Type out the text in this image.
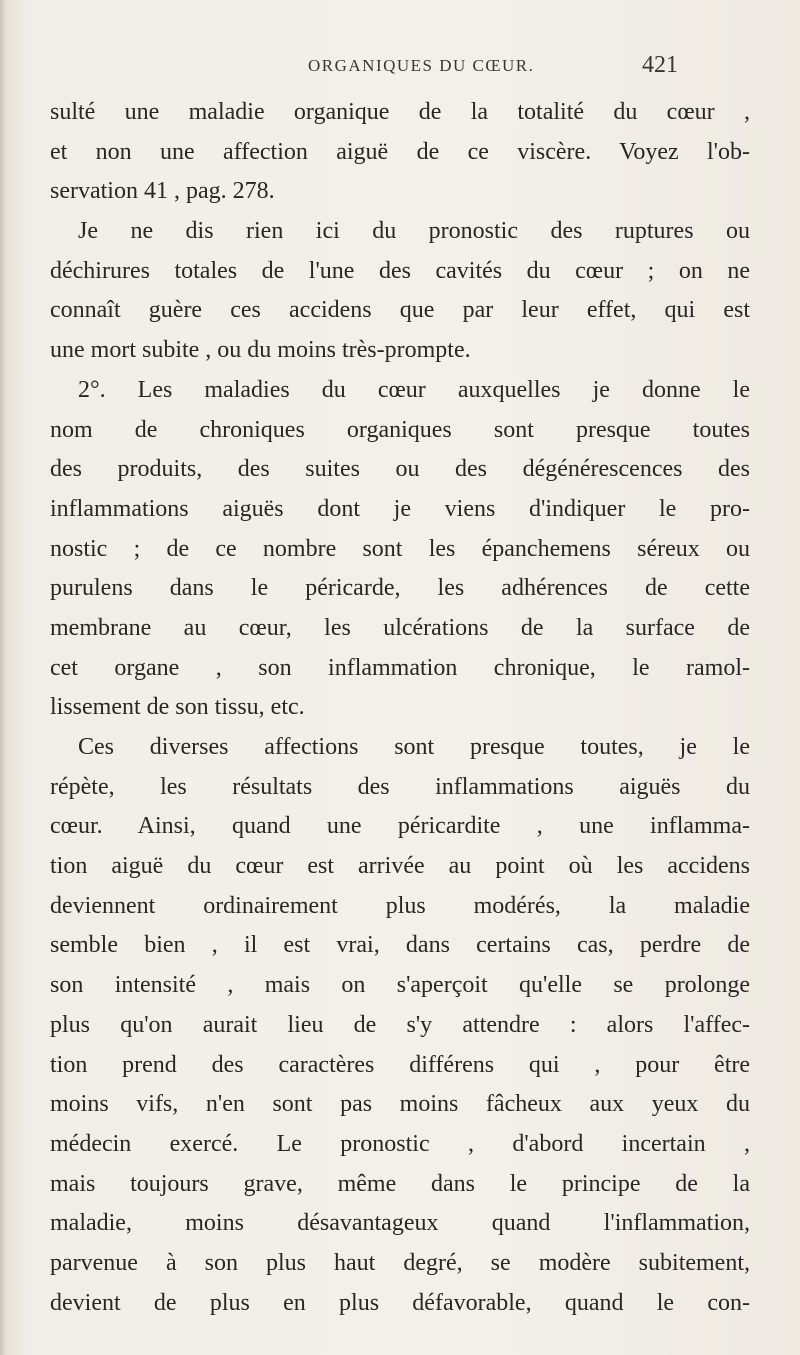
ORGANIQUES DU CŒUR.	421
sulté une maladie organique de la totalité du cœur ,
et non une affection aiguë de ce viscère. Voyez l'ob-
servation 41 , pag. 278.
Je ne dis rien ici du pronostic des ruptures ou
déchirures totales de l'une des cavités du cœur ; on ne
connaît guère ces accidens que par leur effet, qui est
une mort subite , ou du moins très-prompte.
2°. Les maladies du cœur auxquelles je donne le
nom de chroniques organiques sont presque toutes
des produits, des suites ou des dégénérescences des
inflammations aiguës dont je viens d'indiquer le pro-
nostic ; de ce nombre sont les épanchemens séreux ou
purulens dans le péricarde, les adhérences de cette
membrane au cœur, les ulcérations de la surface de
cet organe , son inflammation chronique, le ramol-
lissement de son tissu, etc.
Ces diverses affections sont presque toutes, je le
répète, les résultats des inflammations aiguës du
cœur. Ainsi, quand une péricardite , une inflamma-
tion aiguë du cœur est arrivée au point où les accidens
deviennent ordinairement plus modérés, la maladie
semble bien , il est vrai, dans certains cas, perdre de
son intensité , mais on s'aperçoit qu'elle se prolonge
plus qu'on aurait lieu de s'y attendre : alors l'affec-
tion prend des caractères différens qui , pour être
moins vifs, n'en sont pas moins fâcheux aux yeux du
médecin exercé. Le pronostic , d'abord incertain ,
mais toujours grave, même dans le principe de la
maladie, moins désavantageux quand l'inflammation,
parvenue à son plus haut degré, se modère subitement,
devient de plus en plus défavorable, quand le con-
